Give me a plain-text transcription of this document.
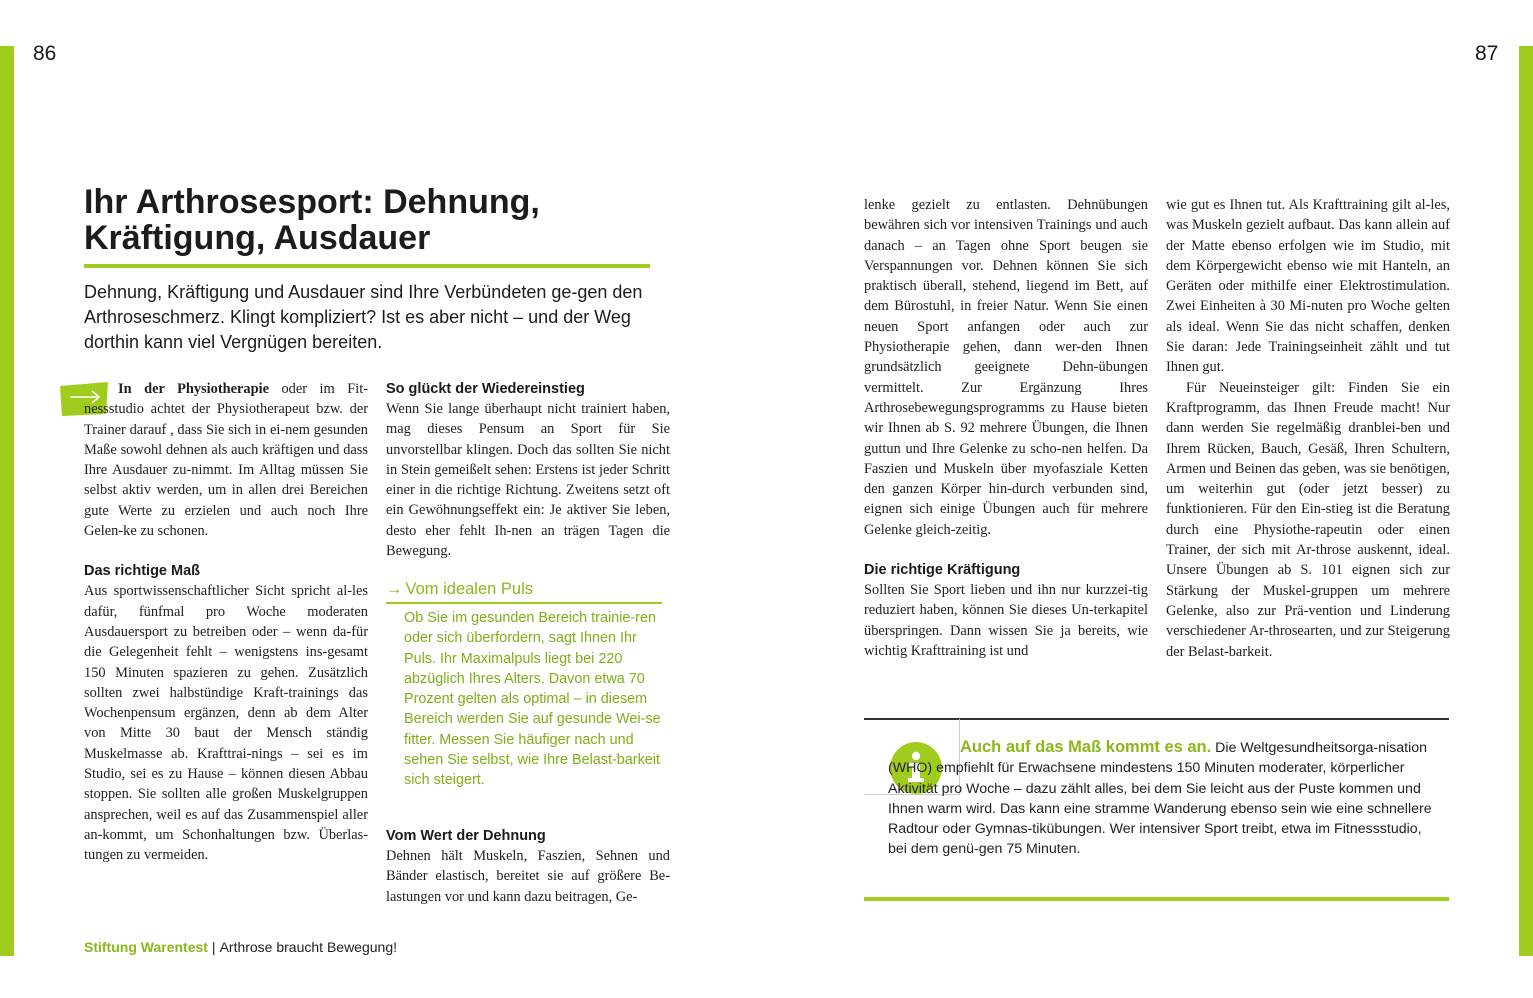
86	87
Ihr Arthrosesport: Dehnung,
Kräftigung, Ausdauer

Dehnung, Kräftigung und Ausdauer sind Ihre Verbündeten ge-gen den Arthroseschmerz. Klingt kompliziert? Ist es aber nicht – und der Weg dorthin kann viel Vergnügen bereiten.

In der Physiotherapie oder im Fit-nessstudio achtet der Physiotherapeut bzw. der Trainer darauf , dass Sie sich in ei-nem gesunden Maße sowohl dehnen als auch kräftigen und dass Ihre Ausdauer zu-nimmt. Im Alltag müssen Sie selbst aktiv werden, um in allen drei Bereichen gute Werte zu erzielen und auch noch Ihre Gelen-ke zu schonen.

Das richtige Maß

Aus sportwissenschaftlicher Sicht spricht al-les dafür, fünfmal pro Woche moderaten Ausdauersport zu betreiben oder – wenn da-für die Gelegenheit fehlt – wenigstens ins-gesamt 150 Minuten spazieren zu gehen. Zusätzlich sollten zwei halbstündige Kraft-trainings das Wochenpensum ergänzen, denn ab dem Alter von Mitte 30 baut der Mensch ständig Muskelmasse ab. Krafttrai-nings – sei es im Studio, sei es zu Hause – können diesen Abbau stoppen. Sie sollten alle großen Muskelgruppen ansprechen, weil es auf das Zusammenspiel aller an-kommt, um Schonhaltungen bzw. Überlas-tungen zu vermeiden.

So glückt der Wiedereinstieg

Wenn Sie lange überhaupt nicht trainiert haben, mag dieses Pensum an Sport für Sie unvorstellbar klingen. Doch das sollten Sie nicht in Stein gemeißelt sehen: Erstens ist jeder Schritt einer in die richtige Richtung. Zweitens setzt oft ein Gewöhnungseffekt ein: Je aktiver Sie leben, desto eher fehlt Ih-nen an trägen Tagen die Bewegung.

→ Vom idealen Puls

Ob Sie im gesunden Bereich trainie-ren oder sich überfordern, sagt Ihnen Ihr Puls. Ihr Maximalpuls liegt bei 220 abzüglich Ihres Alters. Davon etwa 70 Prozent gelten als optimal – in diesem Bereich werden Sie auf gesunde Wei-se fitter. Messen Sie häufiger nach und sehen Sie selbst, wie Ihre Belast-barkeit sich steigert.

Vom Wert der Dehnung

Dehnen hält Muskeln, Faszien, Sehnen und Bänder elastisch, bereitet sie auf größere Be-lastungen vor und kann dazu beitragen, Ge-

lenke gezielt zu entlasten. Dehnübungen bewähren sich vor intensiven Trainings und auch danach – an Tagen ohne Sport beugen sie Verspannungen vor. Dehnen können Sie sich praktisch überall, stehend, liegend im Bett, auf dem Bürostuhl, in freier Natur. Wenn Sie einen neuen Sport anfangen oder auch zur Physiotherapie gehen, dann wer-den Ihnen grundsätzlich geeignete Dehn-übungen vermittelt. Zur Ergänzung Ihres Arthrosebewegungsprogramms zu Hause bieten wir Ihnen ab S. 92 mehrere Übungen, die Ihnen guttun und Ihre Gelenke zu scho-nen helfen. Da Faszien und Muskeln über myofasziale Ketten den ganzen Körper hin-durch verbunden sind, eignen sich einige Übungen auch für mehrere Gelenke gleich-zeitig.

Die richtige Kräftigung

Sollten Sie Sport lieben und ihn nur kurzzei-tig reduziert haben, können Sie dieses Un-terkapitel überspringen. Dann wissen Sie ja bereits, wie wichtig Krafttraining ist und

wie gut es Ihnen tut. Als Krafttraining gilt al-les, was Muskeln gezielt aufbaut. Das kann allein auf der Matte ebenso erfolgen wie im Studio, mit dem Körpergewicht ebenso wie mit Hanteln, an Geräten oder mithilfe einer Elektrostimulation. Zwei Einheiten à 30 Mi-nuten pro Woche gelten als ideal. Wenn Sie das nicht schaffen, denken Sie daran: Jede Trainingseinheit zählt und tut Ihnen gut.

Für Neueinsteiger gilt: Finden Sie ein Kraftprogramm, das Ihnen Freude macht! Nur dann werden Sie regelmäßig dranblei-ben und Ihrem Rücken, Bauch, Gesäß, Ihren Schultern, Armen und Beinen das geben, was sie benötigen, um weiterhin gut (oder jetzt besser) zu funktionieren. Für den Ein-stieg ist die Beratung durch eine Physiothe-rapeutin oder einen Trainer, der sich mit Ar-throse auskennt, ideal. Unsere Übungen ab S. 101 eignen sich zur Stärkung der Muskel-gruppen um mehrere Gelenke, also zur Prä-vention und Linderung verschiedener Ar-throsearten, und zur Steigerung der Belast-barkeit.

Auch auf das Maß kommt es an. Die Weltgesundheitsorga-nisation (WHO) empfiehlt für Erwachsene mindestens 150 Minuten moderater, körperlicher Aktivität pro Woche – dazu zählt alles, bei dem Sie leicht aus der Puste kommen und Ihnen warm wird. Das kann eine stramme Wanderung ebenso sein wie eine schnellere Radtour oder Gymnas-tikübungen. Wer intensiver Sport treibt, etwa im Fitnessstudio, bei dem genü-gen 75 Minuten.

Stiftung Warentest | Arthrose braucht Bewegung!
